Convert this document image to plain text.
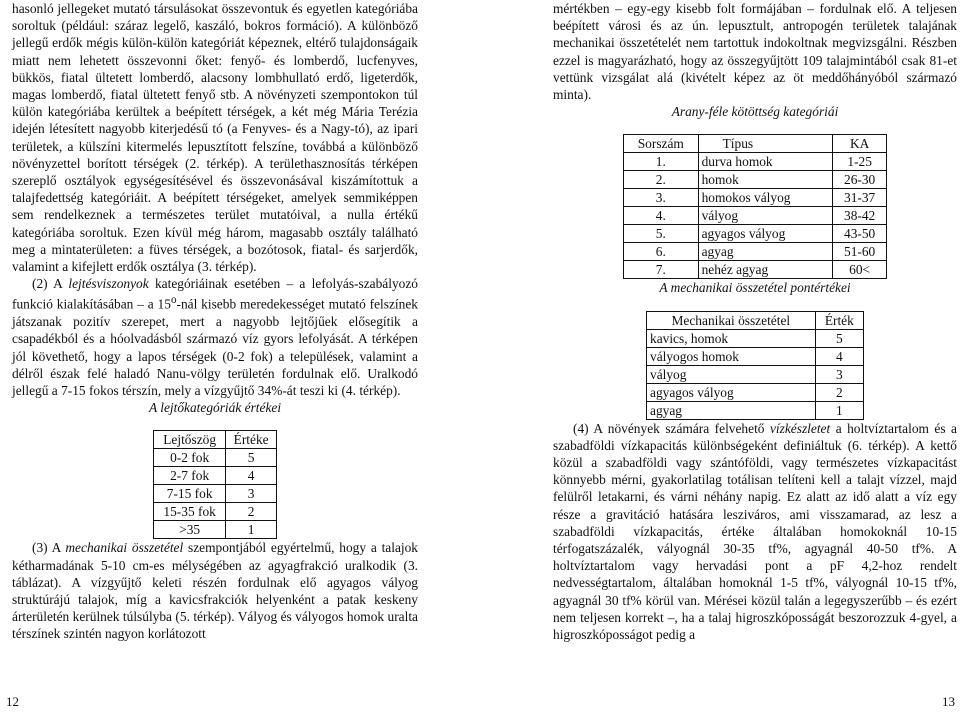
hasonló jellegeket mutató társulásokat összevontuk és egyetlen kategóriába soroltuk (például: száraz legelő, kaszáló, bokros formáció). A különböző jellegű erdők mégis külön-külön kategóriát képeznek, eltérő tulajdonságaik miatt nem lehetett összevonni őket: fenyő- és lomberdő, lucfenyves, bükkös, fiatal ültetett lomberdő, alacsony lombhullató erdő, ligeterdők, magas lomberdő, fiatal ültetett fenyő stb. A növényzeti szempontokon túl külön kategóriába kerültek a beépített térségek, a két még Mária Terézia idején létesített nagyobb kiterjedésű tó (a Fenyves- és a Nagy-tó), az ipari területek, a külszíni kitermelés lepusztított felszíne, továbbá a különböző növényzettel borított térségek (2. térkép). A területhasznosítás térképen szereplő osztályok egységesítésével és összevonásával kiszámítottuk a talajfedettség kategóriáit. A beépített térségeket, amelyek semmiképpen sem rendelkeznek a természetes terület mutatóival, a nulla értékű kategóriába soroltuk. Ezen kívül még három, magasabb osztály található meg a mintaterületen: a füves térségek, a bozótosok, fiatal- és sarjerdők, valamint a kifejlett erdők osztálya (3. térkép).

(2) A lejtésviszonyok kategóriáinak esetében – a lefolyás-szabályozó funkció kialakításában – a 15$^o$-nál kisebb meredekességet mutató felszínek játszanak pozitív szerepet, mert a nagyobb lejtőjűek elősegítik a csapadékból és a hóolvadásból származó víz gyors lefolyását. A térképen jól követhető, hogy a lapos térségek (0-2 fok) a települések, valamint a délről észak felé haladó Nanu-völgy területén fordulnak elő. Uralkodó jellegű a 7-15 fokos térszín, mely a vízgyűjtő 34%-át teszi ki (4. térkép).

A lejtőkategóriák értékei

Lejtőszög	Értéke
0-2 fok	5
2-7 fok	4
7-15 fok	3
15-35 fok	2
>35	1

(3) A mechanikai összetétel szempontjából egyértelmű, hogy a talajok kétharmadának 5-10 cm-es mélységében az agyagfrakció uralkodik (3. táblázat). A vízgyűjtő keleti részén fordulnak elő agyagos vályog struktúrájú talajok, míg a kavicsfrakciók helyenként a patak keskeny árterületén kerülnek túlsúlyba (5. térkép). Vályog és vályogos homok uralta térszínek szintén nagyon korlátozott

mértékben – egy-egy kisebb folt formájában – fordulnak elő. A teljesen beépített városi és az ún. lepusztult, antropogén területek talajának mechanikai összetételét nem tartottuk indokoltnak megvizsgálni. Részben ezzel is magyarázható, hogy az összegyűjtött 109 talajmintából csak 81-et vettünk vizsgálat alá (kivételt képez az öt meddőhányóból származó minta).

Arany-féle kötöttség kategóriái

Sorszám	Típus	KA
1.	durva homok	1-25
2.	homok	26-30
3.	homokos vályog	31-37
4.	vályog	38-42
5.	agyagos vályog	43-50
6.	agyag	51-60
7.	nehéz agyag	60<

A mechanikai összetétel pontértékei

Mechanikai összetétel	Érték
kavics, homok	5
vályogos homok	4
vályog	3
agyagos vályog	2
agyag	1

(4) A növények számára felvehető vízkészletet a holtvíztartalom és a szabadföldi vízkapacitás különbségeként definiáltuk (6. térkép). A kettő közül a szabadföldi vagy szántóföldi, vagy természetes vízkapacitást könnyebb mérni, gyakorlatilag totálisan telíteni kell a talajt vízzel, majd felülről letakarni, és várni néhány napig. Ez alatt az idő alatt a víz egy része a gravitáció hatására lesziváros, ami visszamarad, az lesz a szabadföldi vízkapacitás, értéke általában homokoknál 10-15 térfogatszázalék, vályognál 30-35 tf%, agyagnál 40-50 tf%. A holtvíztartalom vagy hervadási pont a pF 4,2-hoz rendelt nedvességtartalom, általában homoknál 1-5 tf%, vályognál 10-15 tf%, agyagnál 30 tf% körül van. Mérései közül talán a legegyszerűbb – és ezért nem teljesen korrekt –, ha a talaj higroszkóposságát beszorozzuk 4-gyel, a higroszkóposságot pedig a

12	13
